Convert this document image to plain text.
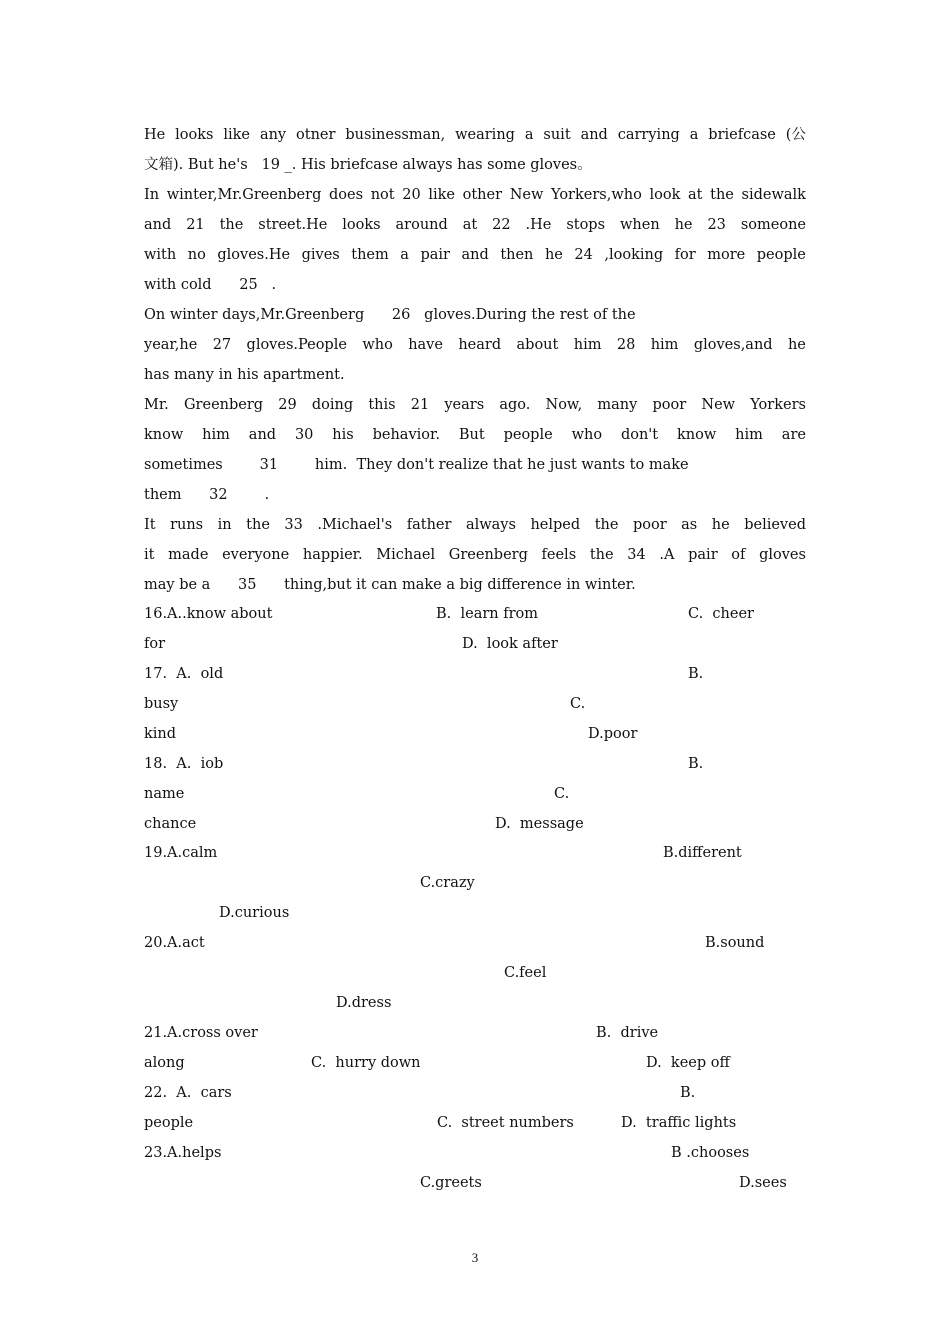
He looks like any otner businessman, wearing a suit and carrying a briefcase (公
文箱). But he's   19 _. His briefcase always has some gloves。
In winter,Mr.Greenberg does not 20 like other New Yorkers,who look at the sidewalk
and 21 the street.He looks around at 22 .He stops when he 23 someone
with no gloves.He gives them a pair and then he 24 ,looking for more people
with cold      25   .
On winter days,Mr.Greenberg      26   gloves.During the rest of the
year,he 27 gloves.People who have heard about him 28 him gloves,and he
has many in his apartment.
Mr. Greenberg 29 doing this 21 years ago. Now, many poor New Yorkers
know him and 30 his behavior. But people who don't know him are
sometimes        31        him.  They don't realize that he just wants to make
them      32        .
It runs in the 33 .Michael's father always helped the poor as he believed
it made everyone happier. Michael Greenberg feels the 34 .A pair of gloves
may be a      35      thing,but it can make a big difference in winter.
16.A..know about	B.  learn from	C.  cheer
for	D.  look after
17.  A.  old	B.
busy	C.
kind	D.poor
18.  A.  iob	B.
name	C.
chance	D.  message
19.A.calm	B.different
C.crazy
D.curious
20.A.act	B.sound
C.feel
D.dress
21.A.cross over	B.  drive
along	C.  hurry down	D.  keep off
22.  A.  cars	B.
people	C.  street numbers	D.  traffic lights
23.A.helps	B .chooses
C.greets	D.sees
3
